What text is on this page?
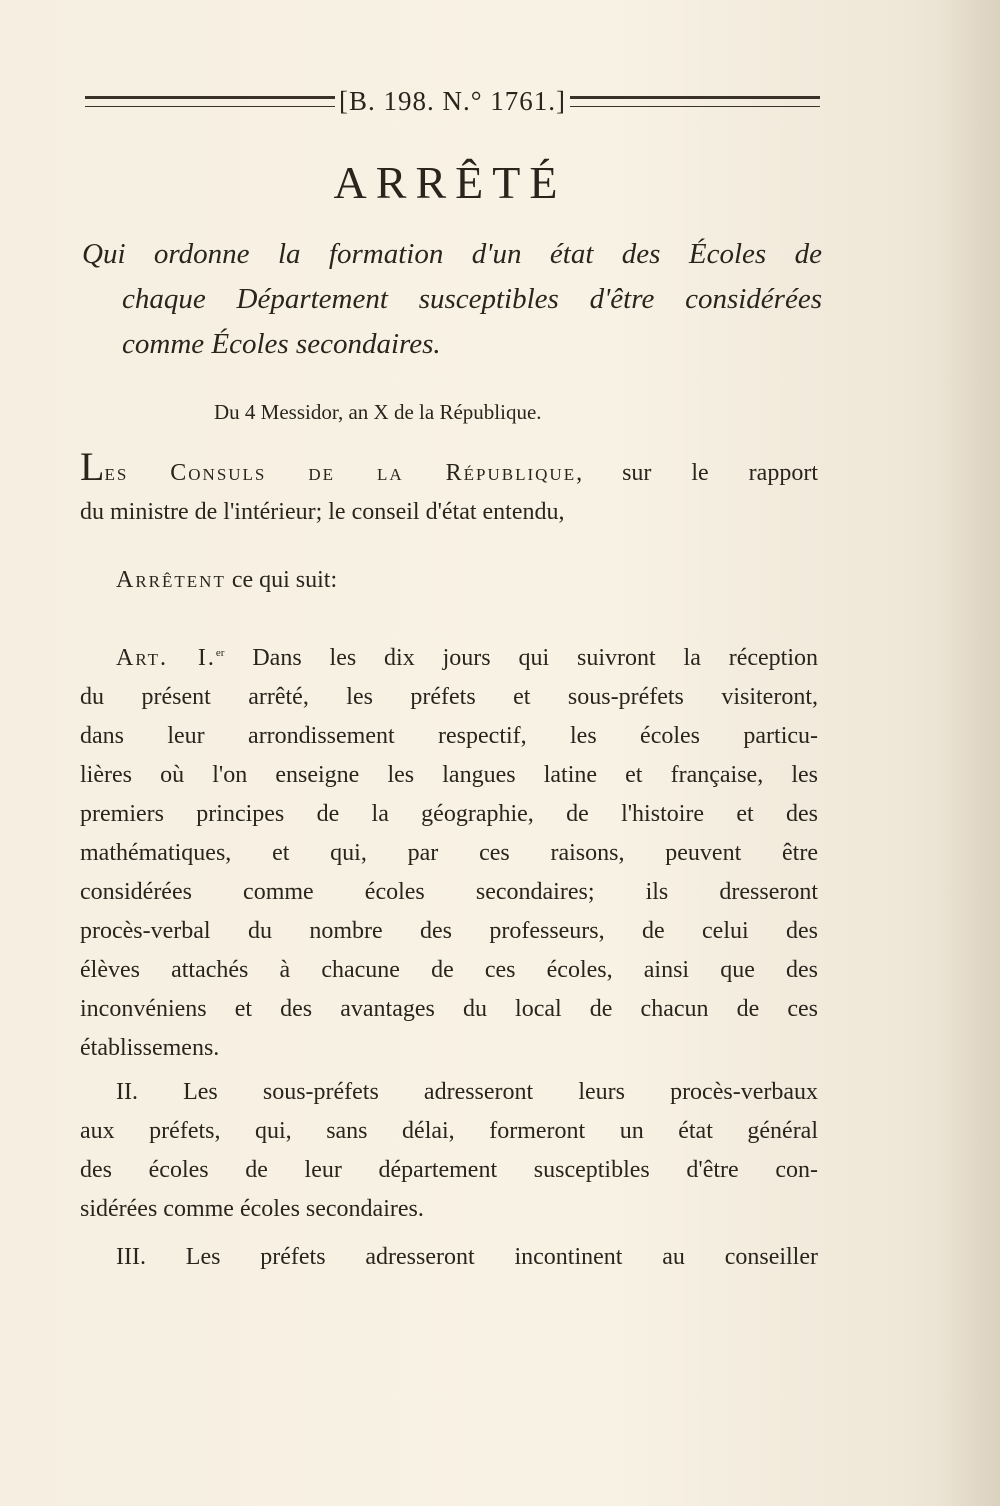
[B. 198. N.° 1761.]
ARRÊTÉ
Qui ordonne la formation d'un état des Écoles de
chaque Département susceptibles d'être considérées
comme Écoles secondaires.
Du 4 Messidor, an X de la République.
Les Consuls de la République, sur le rapport
du ministre de l'intérieur; le conseil d'état entendu,
Arrêtent ce qui suit:
Art. I.$^{er}$ Dans les dix jours qui suivront la réception
du présent arrêté, les préfets et sous-préfets visiteront,
dans leur arrondissement respectif, les écoles particu-
lières où l'on enseigne les langues latine et française, les
premiers principes de la géographie, de l'histoire et des
mathématiques, et qui, par ces raisons, peuvent être
considérées comme écoles secondaires; ils dresseront
procès-verbal du nombre des professeurs, de celui des
élèves attachés à chacune de ces écoles, ainsi que des
inconvéniens et des avantages du local de chacun de ces
établissemens.
II. Les sous-préfets adresseront leurs procès-verbaux
aux préfets, qui, sans délai, formeront un état général
des écoles de leur département susceptibles d'être con-
sidérées comme écoles secondaires.
III. Les préfets adresseront incontinent au conseiller
